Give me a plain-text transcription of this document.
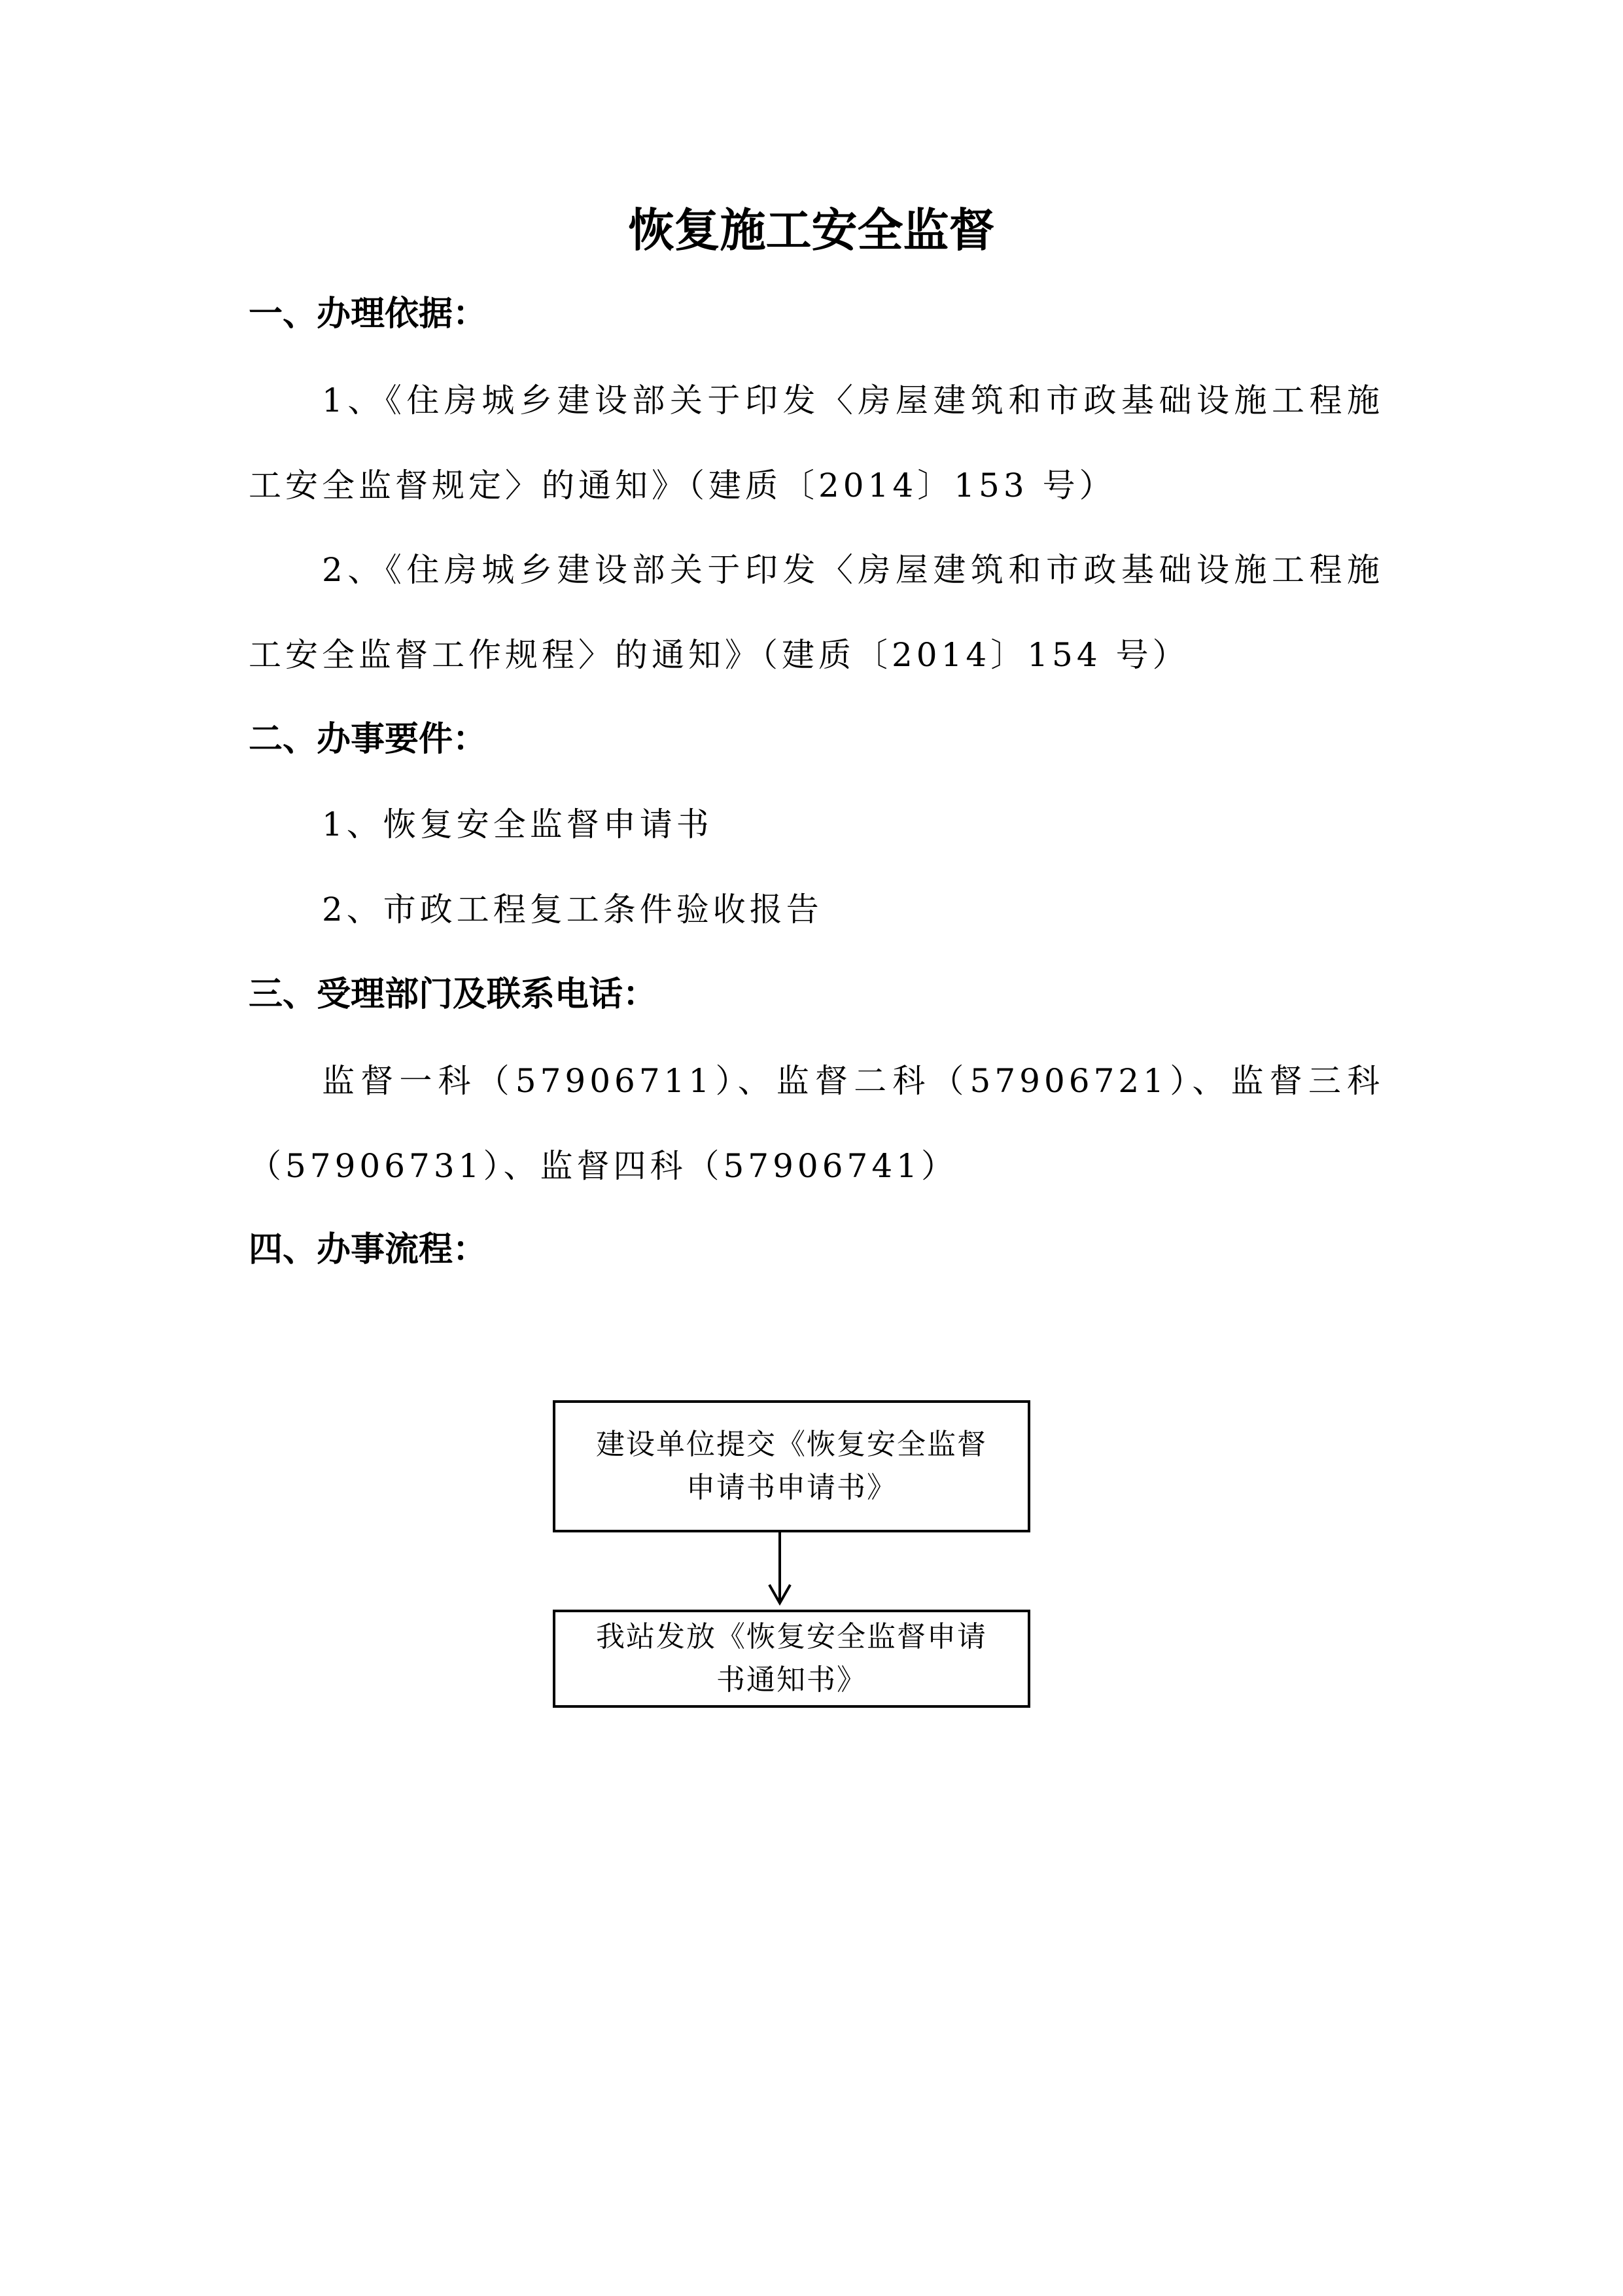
恢复施工安全监督
一、办理依据：

1、《住房城乡建设部关于印发〈房屋建筑和市政基础设施工程施工安全监督规定〉的通知》（建质〔2014〕153 号）

2、《住房城乡建设部关于印发〈房屋建筑和市政基础设施工程施工安全监督工作规程〉的通知》（建质〔2014〕154 号）

二、办事要件：

1、恢复安全监督申请书

2、市政工程复工条件验收报告

三、受理部门及联系电话：

监督一科（57906711）、监督二科（57906721）、监督三科（57906731）、监督四科（57906741）

四、办事流程：
建设单位提交《恢复安全监督申请书申请书》
我站发放《恢复安全监督申请书通知书》
